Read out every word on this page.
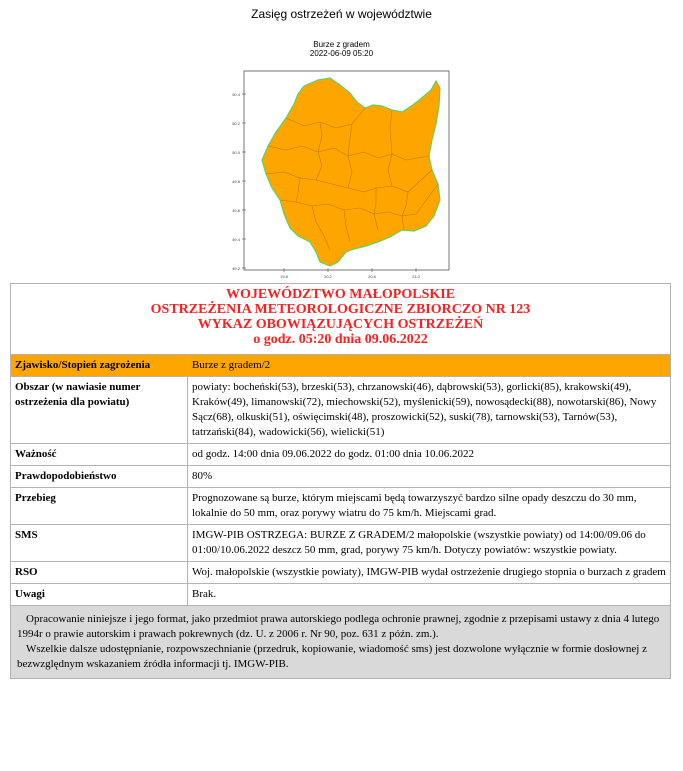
Zasięg ostrzeżeń w województwie
Burze z gradem
2022-06-09 05:20
50.4
50.2
50.0
49.8
49.6
49.4
49.2
19.8	20.2	20.6	21.0
WOJEWÓDZTWO MAŁOPOLSKIE
OSTRZEŻENIA METEOROLOGICZNE ZBIORCZO NR 123
WYKAZ OBOWIĄZUJĄCYCH OSTRZEŻEŃ
o godz. 05:20 dnia 09.06.2022	

Zjawisko/Stopień zagrożenia	Burze z gradem/2
Obszar (w nawiasie numer ostrzeżenia dla powiatu)	powiaty: bocheński(53), brzeski(53), chrzanowski(46), dąbrowski(53), gorlicki(85), krakowski(49), Kraków(49), limanowski(72), miechowski(52), myślenicki(59), nowosądecki(88), nowotarski(86), Nowy Sącz(68), olkuski(51), oświęcimski(48), proszowicki(52), suski(78), tarnowski(53), Tarnów(53), tatrzański(84), wadowicki(56), wielicki(51)
Ważność	od godz. 14:00 dnia 09.06.2022 do godz. 01:00 dnia 10.06.2022
Prawdopodobieństwo	80%
Przebieg	Prognozowane są burze, którym miejscami będą towarzyszyć bardzo silne opady deszczu do 30 mm, lokalnie do 50 mm, oraz porywy wiatru do 75 km/h. Miejscami grad.
SMS	IMGW-PIB OSTRZEGA: BURZE Z GRADEM/2 małopolskie (wszystkie powiaty) od 14:00/09.06 do 01:00/10.06.2022 deszcz 50 mm, grad, porywy 75 km/h. Dotyczy powiatów: wszystkie powiaty.
RSO	Woj. małopolskie (wszystkie powiaty), IMGW-PIB wydał ostrzeżenie drugiego stopnia o burzach z gradem
Uwagi	Brak.

Opracowanie niniejsze i jego format, jako przedmiot prawa autorskiego podlega ochronie prawnej, zgodnie z przepisami ustawy z dnia 4 lutego 1994r o prawie autorskim i prawach pokrewnych (dz. U. z 2006 r. Nr 90, poz. 631 z późn. zm.).

Wszelkie dalsze udostępnianie, rozpowszechnianie (przedruk, kopiowanie, wiadomość sms) jest dozwolone wyłącznie w formie dosłownej z bezwzględnym wskazaniem źródła informacji tj. IMGW-PIB.	
